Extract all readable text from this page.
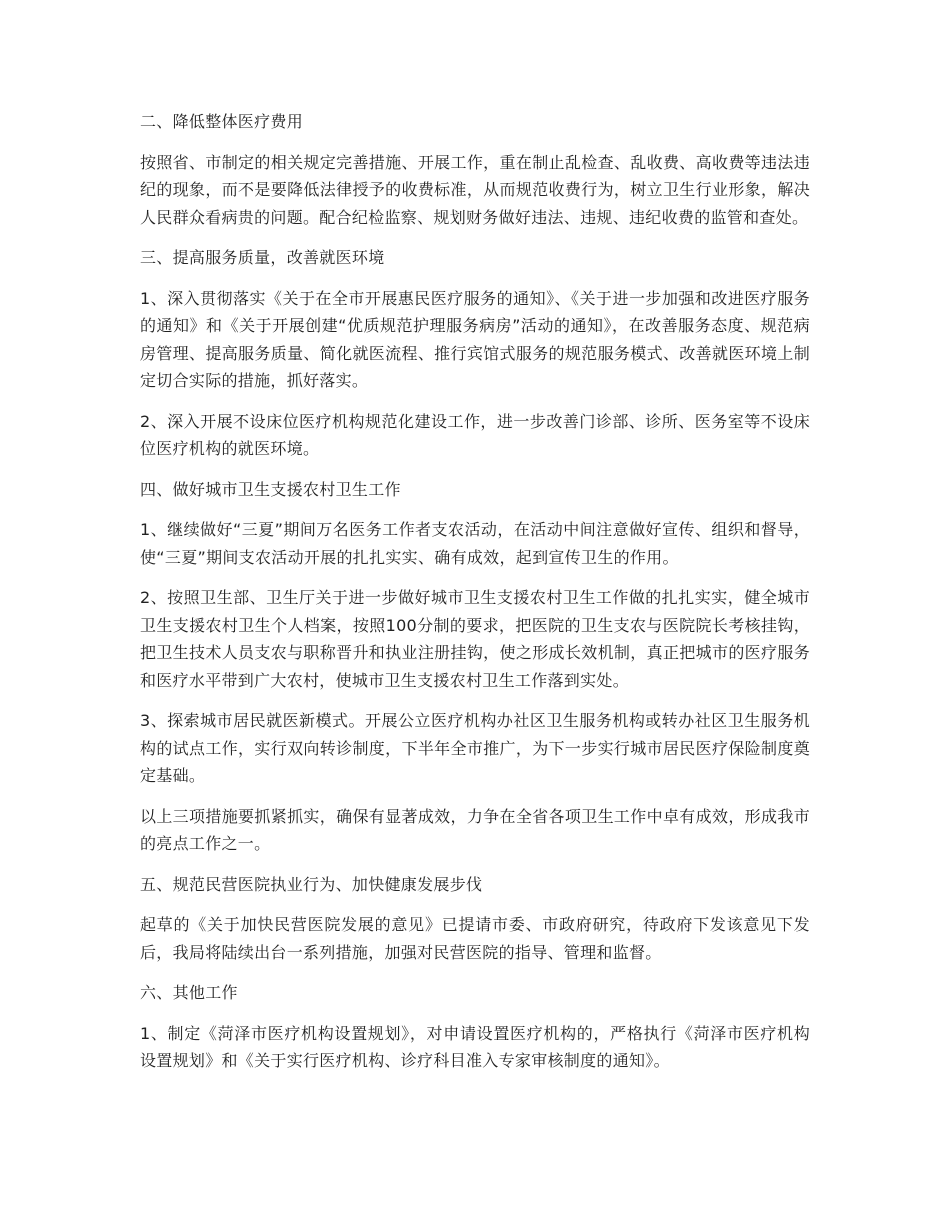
二、降低整体医疗费用

按照省、市制定的相关规定完善措施、开展工作，重在制止乱检查、乱收费、高收费等违法违纪的现象，而不是要降低法律授予的收费标准，从而规范收费行为，树立卫生行业形象，解决人民群众看病贵的问题。配合纪检监察、规划财务做好违法、违规、违纪收费的监管和查处。

三、提高服务质量，改善就医环境

1、深入贯彻落实《关于在全市开展惠民医疗服务的通知》、《关于进一步加强和改进医疗服务的通知》和《关于开展创建“优质规范护理服务病房”活动的通知》，在改善服务态度、规范病房管理、提高服务质量、简化就医流程、推行宾馆式服务的规范服务模式、改善就医环境上制定切合实际的措施，抓好落实。

2、深入开展不设床位医疗机构规范化建设工作，进一步改善门诊部、诊所、医务室等不设床位医疗机构的就医环境。

四、做好城市卫生支援农村卫生工作

1、继续做好“三夏”期间万名医务工作者支农活动，在活动中间注意做好宣传、组织和督导，使“三夏”期间支农活动开展的扎扎实实、确有成效，起到宣传卫生的作用。

2、按照卫生部、卫生厅关于进一步做好城市卫生支援农村卫生工作做的扎扎实实，健全城市卫生支援农村卫生个人档案，按照100分制的要求，把医院的卫生支农与医院院长考核挂钩，把卫生技术人员支农与职称晋升和执业注册挂钩，使之形成长效机制，真正把城市的医疗服务和医疗水平带到广大农村，使城市卫生支援农村卫生工作落到实处。

3、探索城市居民就医新模式。开展公立医疗机构办社区卫生服务机构或转办社区卫生服务机构的试点工作，实行双向转诊制度，下半年全市推广，为下一步实行城市居民医疗保险制度奠定基础。

以上三项措施要抓紧抓实，确保有显著成效，力争在全省各项卫生工作中卓有成效，形成我市的亮点工作之一。

五、规范民营医院执业行为、加快健康发展步伐

起草的《关于加快民营医院发展的意见》已提请市委、市政府研究，待政府下发该意见下发后，我局将陆续出台一系列措施，加强对民营医院的指导、管理和监督。

六、其他工作

1、制定《菏泽市医疗机构设置规划》，对申请设置医疗机构的，严格执行《菏泽市医疗机构设置规划》和《关于实行医疗机构、诊疗科目准入专家审核制度的通知》。
